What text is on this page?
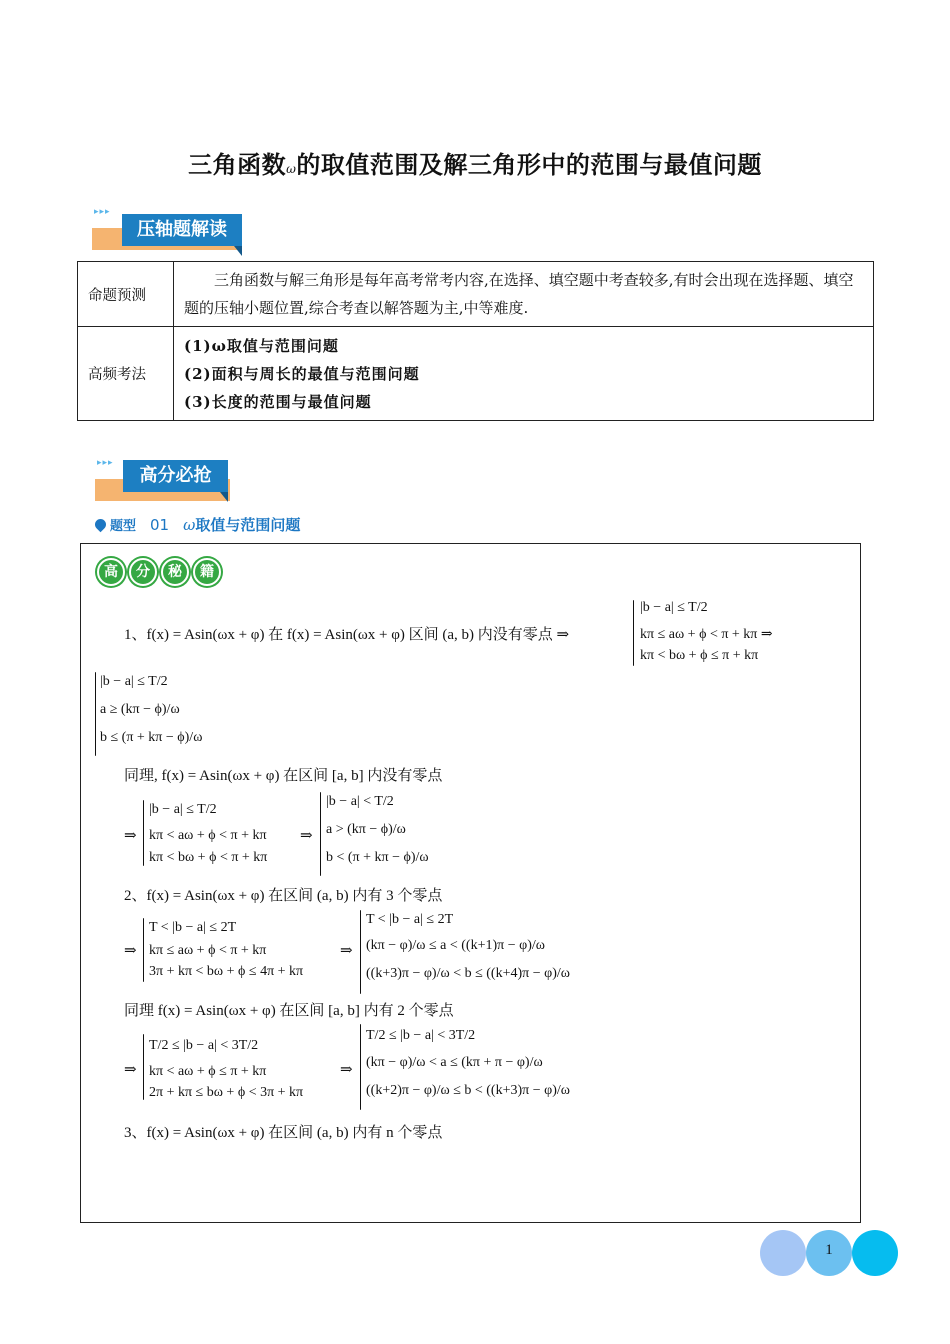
三角函数ω的取值范围及解三角形中的范围与最值问题
▸▸▸
压轴题解读
命题预测	三角函数与解三角形是每年高考常考内容,在选择、填空题中考查较多,有时会出现在选择题、填空题的压轴小题位置,综合考查以解答题为主,中等难度.

高频考法	(1)ω取值与范围问题
(2)面积与周长的最值与范围问题
(3)长度的范围与最值问题
▸▸▸
高分必抢
题型 01 ω取值与范围问题
高	分	秘	籍
1、f(x) = Asin(ωx + φ) 在 f(x) = Asin(ωx + φ) 区间 (a, b) 内没有零点 ⇒
|b − a| ≤ T/2
kπ ≤ aω + ϕ < π + kπ ⇒
kπ < bω + ϕ ≤ π + kπ
|b − a| ≤ T/2
a ≥ (kπ − ϕ)/ω
b ≤ (π + kπ − ϕ)/ω
同理, f(x) = Asin(ωx + φ) 在区间 [a, b] 内没有零点
⇒
|b − a| ≤ T/2
kπ < aω + ϕ < π + kπ
kπ < bω + ϕ < π + kπ
⇒
|b − a| < T/2
a > (kπ − ϕ)/ω
b < (π + kπ − ϕ)/ω
2、f(x) = Asin(ωx + φ) 在区间 (a, b) 内有 3 个零点
⇒
T < |b − a| ≤ 2T
kπ ≤ aω + ϕ < π + kπ
3π + kπ < bω + ϕ ≤ 4π + kπ
⇒
T < |b − a| ≤ 2T
(kπ − φ)/ω ≤ a < ((k+1)π − φ)/ω
((k+3)π − φ)/ω < b ≤ ((k+4)π − φ)/ω
同理 f(x) = Asin(ωx + φ) 在区间 [a, b] 内有 2 个零点
⇒
T/2 ≤ |b − a| < 3T/2
kπ < aω + ϕ ≤ π + kπ
2π + kπ ≤ bω + ϕ < 3π + kπ
⇒
T/2 ≤ |b − a| < 3T/2
(kπ − φ)/ω < a ≤ (kπ + π − φ)/ω
((k+2)π − φ)/ω ≤ b < ((k+3)π − φ)/ω
3、f(x) = Asin(ωx + φ) 在区间 (a, b) 内有 n 个零点
1
